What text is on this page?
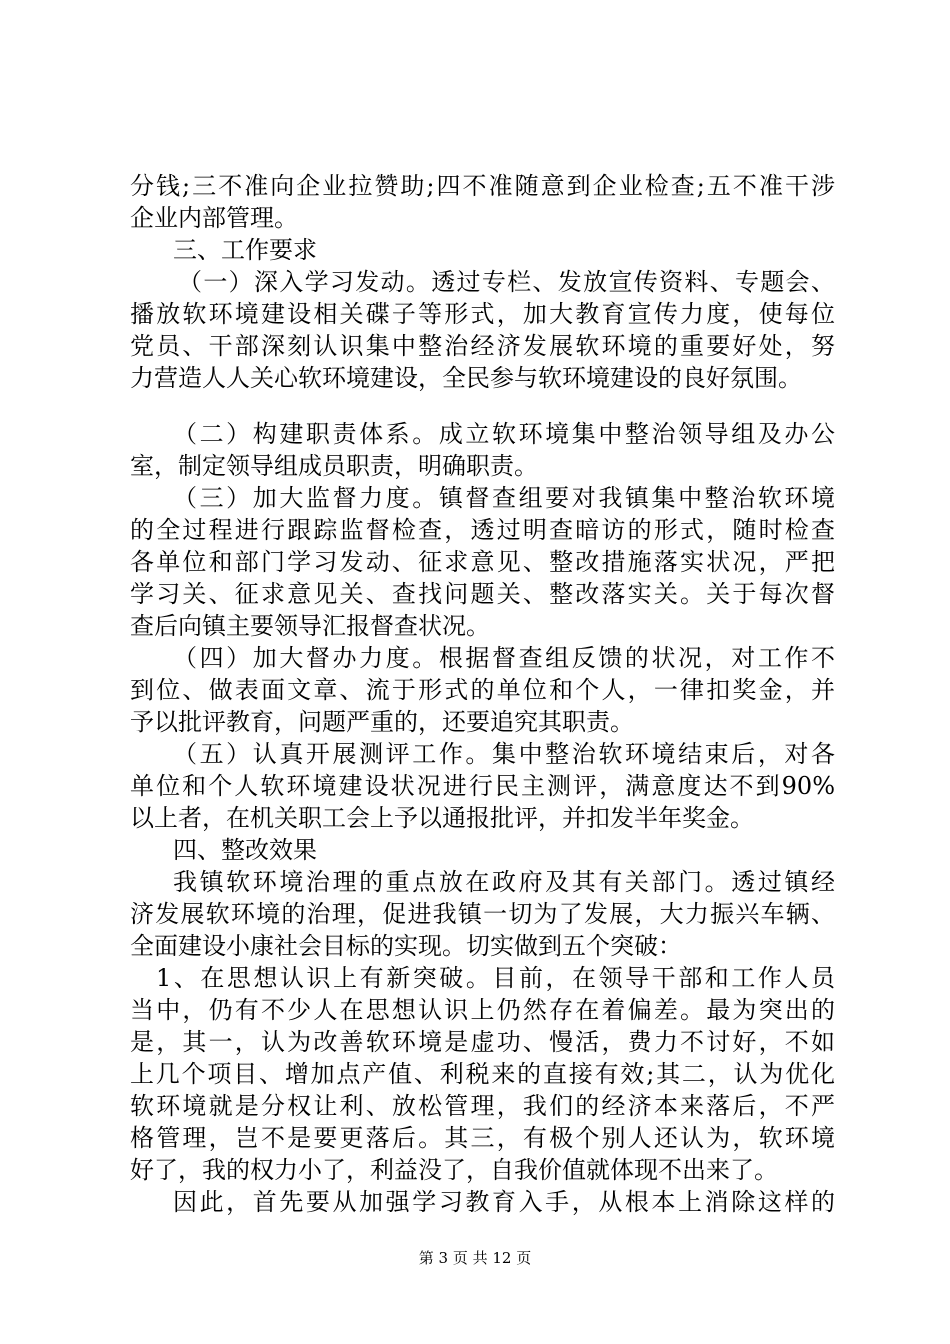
分钱;三不准向企业拉赞助;四不准随意到企业检查;五不准干涉
企业内部管理。
三、工作要求
（一）深入学习发动。透过专栏、发放宣传资料、专题会、
播放软环境建设相关碟子等形式，加大教育宣传力度，使每位
党员、干部深刻认识集中整治经济发展软环境的重要好处，努
力营造人人关心软环境建设，全民参与软环境建设的良好氛围。
（二）构建职责体系。成立软环境集中整治领导组及办公
室，制定领导组成员职责，明确职责。
（三）加大监督力度。镇督查组要对我镇集中整治软环境
的全过程进行跟踪监督检查，透过明查暗访的形式，随时检查
各单位和部门学习发动、征求意见、整改措施落实状况，严把
学习关、征求意见关、查找问题关、整改落实关。关于每次督
查后向镇主要领导汇报督查状况。
（四）加大督办力度。根据督查组反馈的状况，对工作不
到位、做表面文章、流于形式的单位和个人，一律扣奖金，并
予以批评教育，问题严重的，还要追究其职责。
（五）认真开展测评工作。集中整治软环境结束后，对各
单位和个人软环境建设状况进行民主测评，满意度达不到90%
以上者，在机关职工会上予以通报批评，并扣发半年奖金。
四、整改效果
我镇软环境治理的重点放在政府及其有关部门。透过镇经
济发展软环境的治理，促进我镇一切为了发展，大力振兴车辆、
全面建设小康社会目标的实现。切实做到五个突破：
1、在思想认识上有新突破。目前，在领导干部和工作人员
当中，仍有不少人在思想认识上仍然存在着偏差。最为突出的
是，其一，认为改善软环境是虚功、慢活，费力不讨好，不如
上几个项目、增加点产值、利税来的直接有效;其二，认为优化
软环境就是分权让利、放松管理，我们的经济本来落后，不严
格管理，岂不是要更落后。其三，有极个别人还认为，软环境
好了，我的权力小了，利益没了，自我价值就体现不出来了。
因此，首先要从加强学习教育入手，从根本上消除这样的
第 3 页 共 12 页
